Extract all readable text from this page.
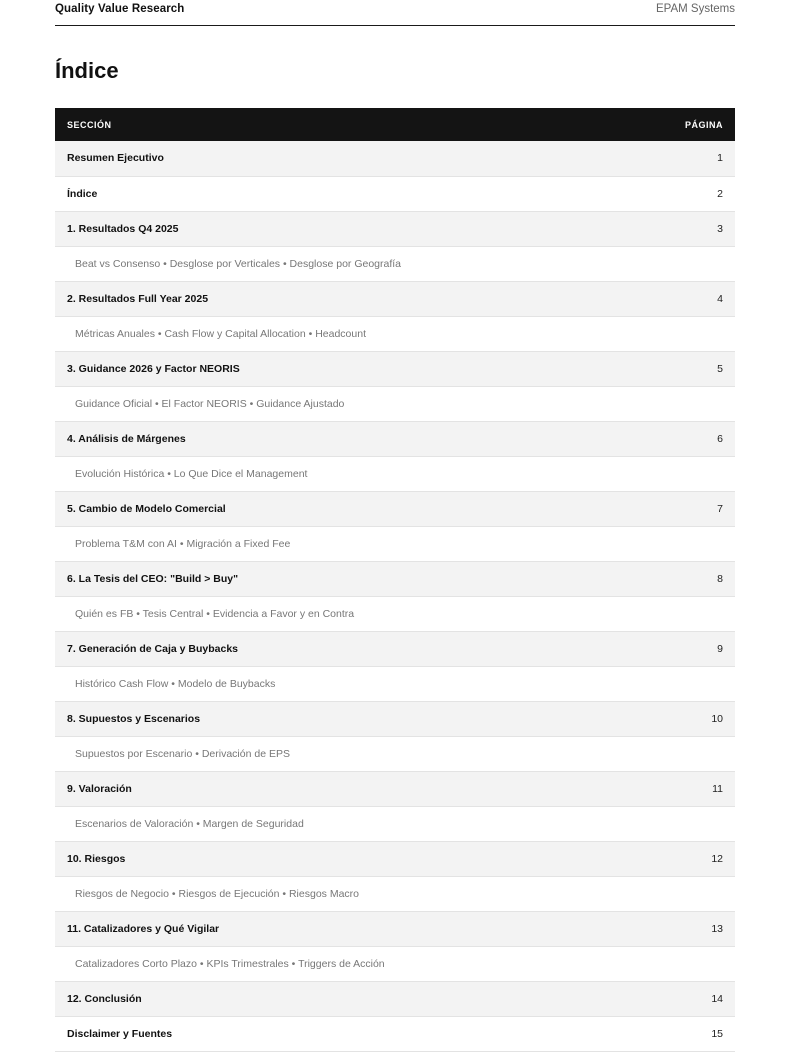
Quality Value Research	EPAM Systems
Índice
SECCIÓN	PÁGINA
Resumen Ejecutivo	1
Índice	2
1. Resultados Q4 2025	3
Beat vs Consenso • Desglose por Verticales • Desglose por Geografía	
2. Resultados Full Year 2025	4
Métricas Anuales • Cash Flow y Capital Allocation • Headcount	
3. Guidance 2026 y Factor NEORIS	5
Guidance Oficial • El Factor NEORIS • Guidance Ajustado	
4. Análisis de Márgenes	6
Evolución Histórica • Lo Que Dice el Management	
5. Cambio de Modelo Comercial	7
Problema T&M con AI • Migración a Fixed Fee	
6. La Tesis del CEO: "Build > Buy"	8
Quién es FB • Tesis Central • Evidencia a Favor y en Contra	
7. Generación de Caja y Buybacks	9
Histórico Cash Flow • Modelo de Buybacks	
8. Supuestos y Escenarios	10
Supuestos por Escenario • Derivación de EPS	
9. Valoración	11
Escenarios de Valoración • Margen de Seguridad	
10. Riesgos	12
Riesgos de Negocio • Riesgos de Ejecución • Riesgos Macro	
11. Catalizadores y Qué Vigilar	13
Catalizadores Corto Plazo • KPIs Trimestrales • Triggers de Acción	
12. Conclusión	14
Disclaimer y Fuentes	15
